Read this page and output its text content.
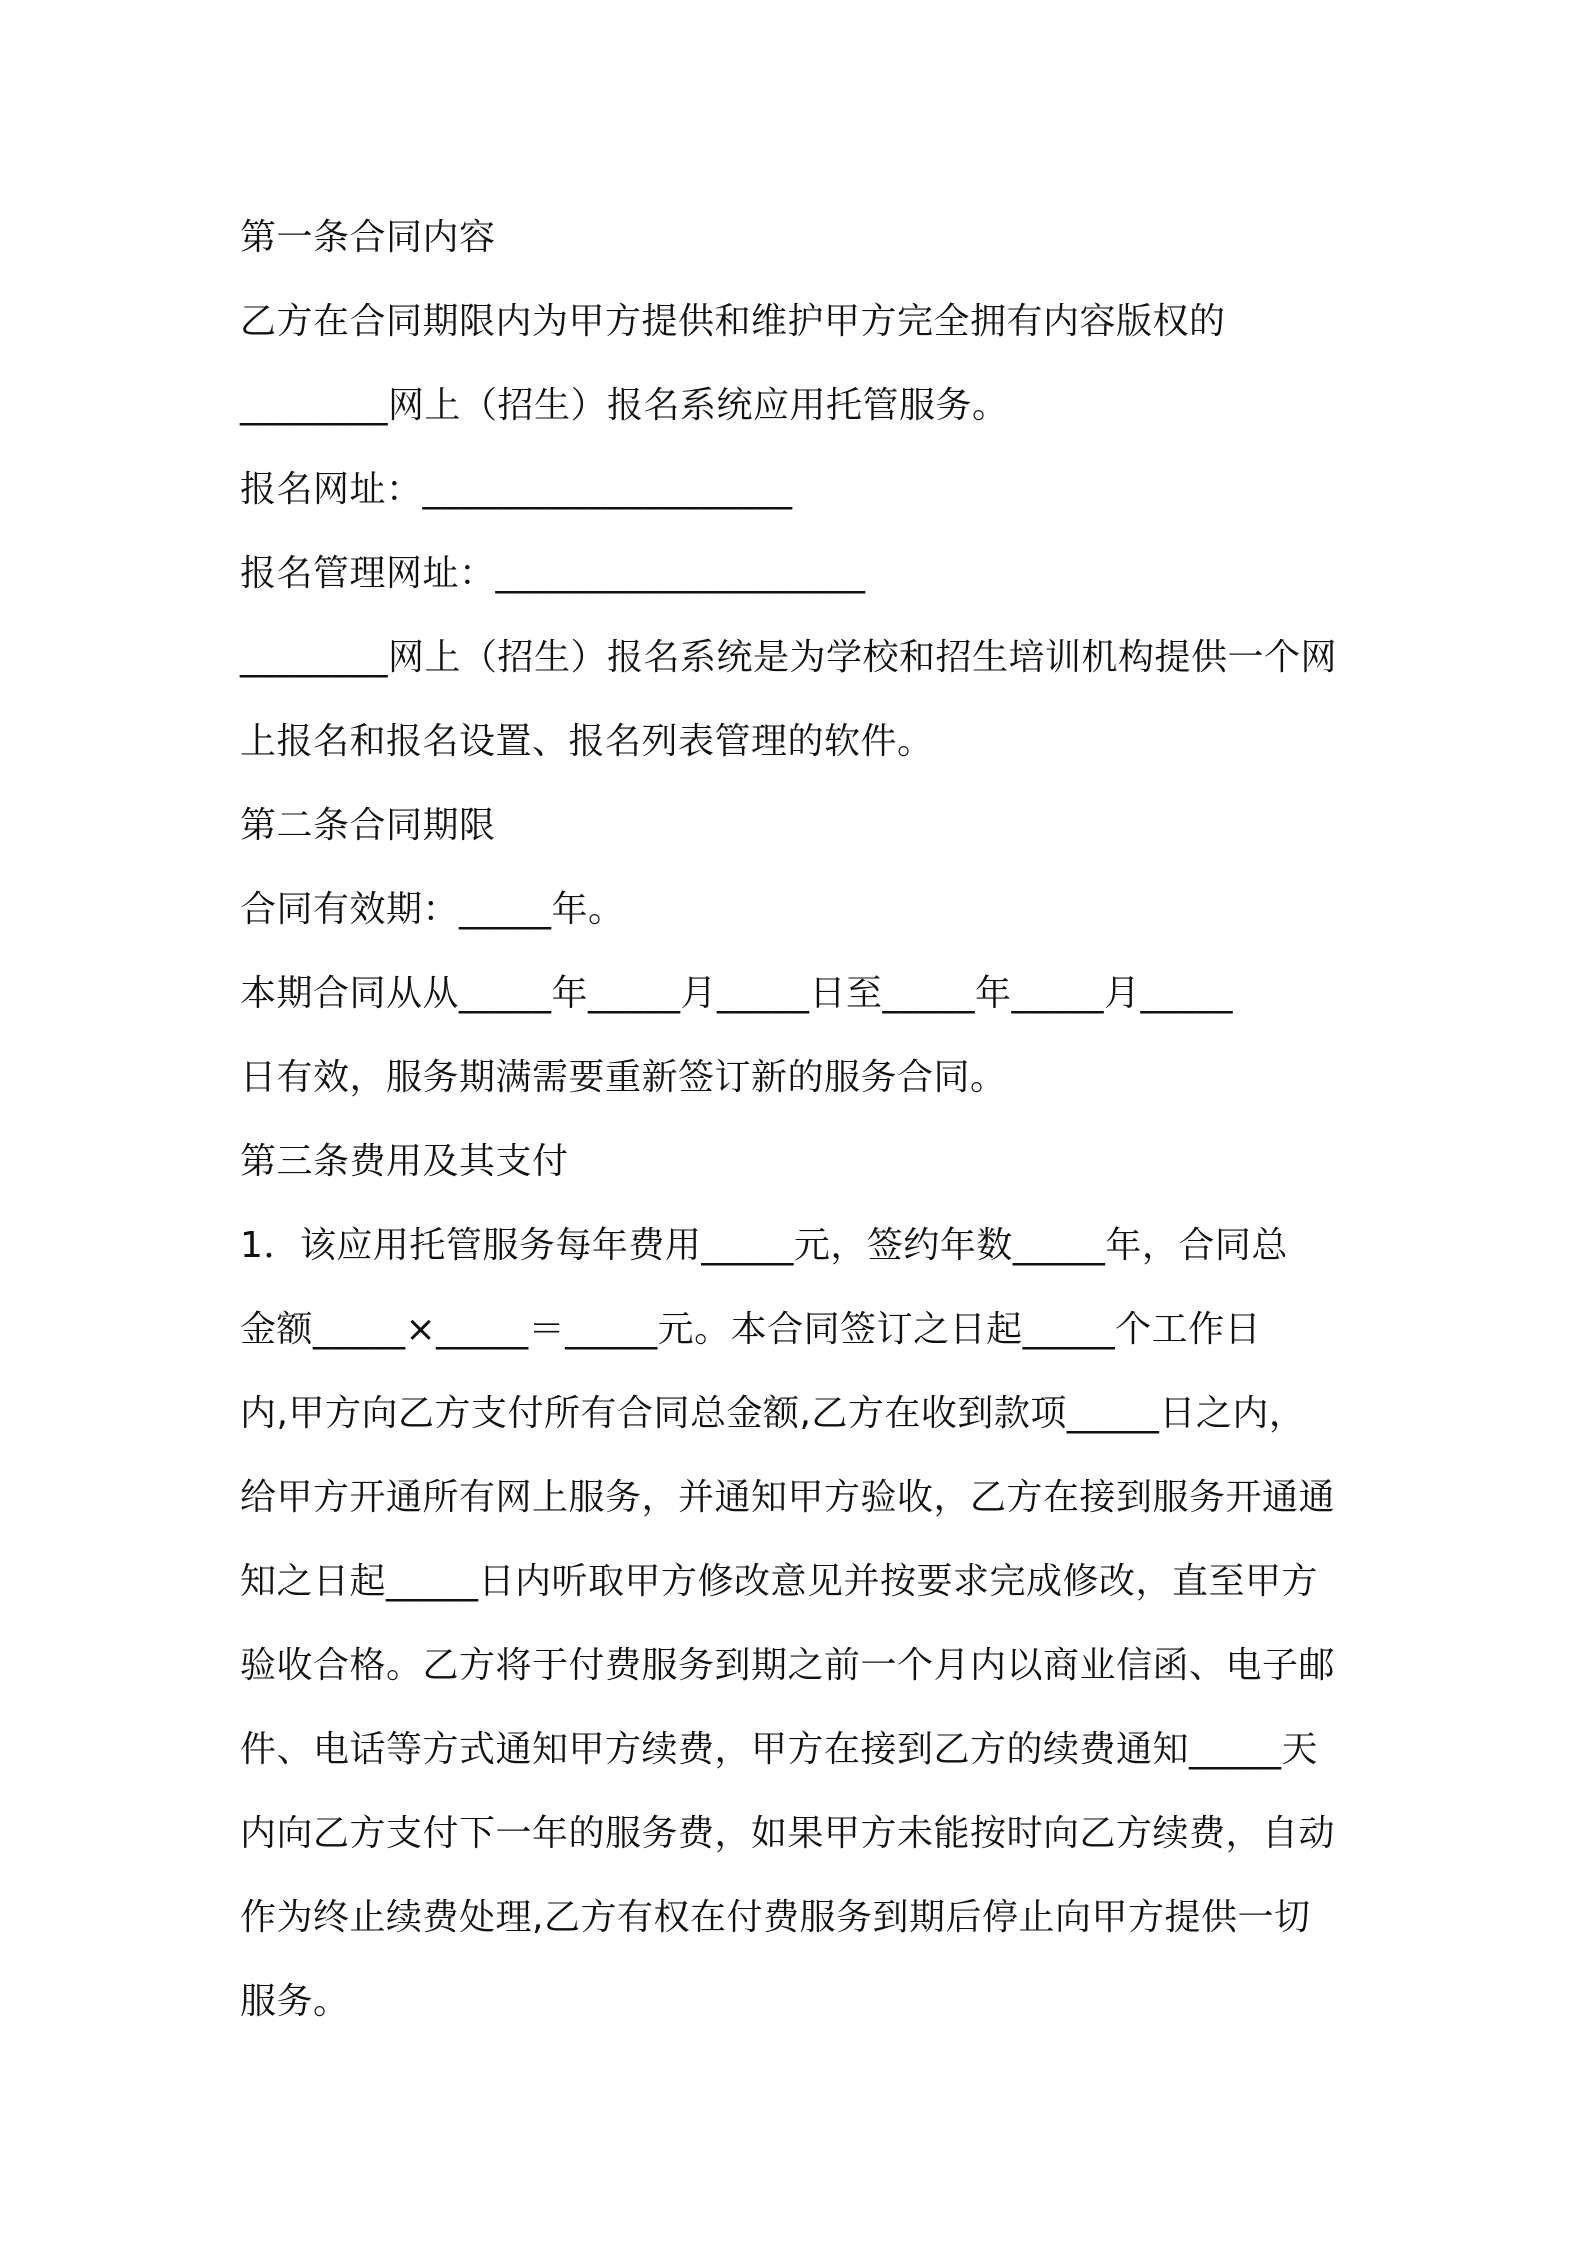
第一条合同内容
乙方在合同期限内为甲方提供和维护甲方完全拥有内容版权的
________网上（招生）报名系统应用托管服务。
报名网址：____________________
报名管理网址：____________________
________网上（招生）报名系统是为学校和招生培训机构提供一个网
上报名和报名设置、报名列表管理的软件。
第二条合同期限
合同有效期：_____年。
本期合同从从_____年_____月_____日至_____年_____月_____
日有效，服务期满需要重新签订新的服务合同。
第三条费用及其支付
1．该应用托管服务每年费用_____元，签约年数_____年，合同总
金额_____×_____＝_____元。本合同签订之日起_____个工作日
内,甲方向乙方支付所有合同总金额,乙方在收到款项_____日之内，
给甲方开通所有网上服务，并通知甲方验收，乙方在接到服务开通通
知之日起_____日内听取甲方修改意见并按要求完成修改，直至甲方
验收合格。乙方将于付费服务到期之前一个月内以商业信函、电子邮
件、电话等方式通知甲方续费，甲方在接到乙方的续费通知_____天
内向乙方支付下一年的服务费，如果甲方未能按时向乙方续费，自动
作为终止续费处理,乙方有权在付费服务到期后停止向甲方提供一切
服务。
